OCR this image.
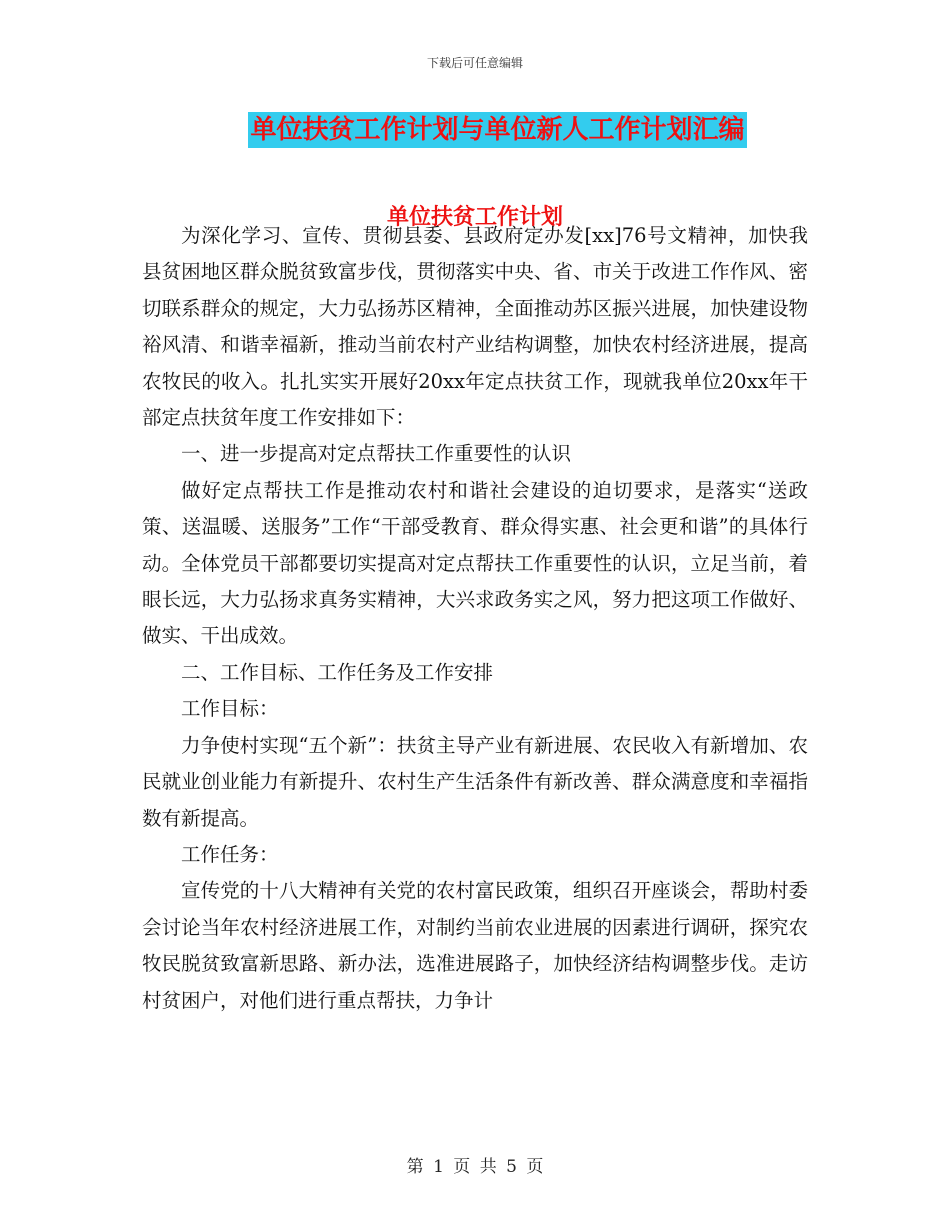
下载后可任意编辑
单位扶贫工作计划与单位新人工作计划汇编
单位扶贫工作计划

为深化学习、宣传、贯彻县委、县政府定办发[xx]76号文精神，加快我县贫困地区群众脱贫致富步伐，贯彻落实中央、省、市关于改进工作作风、密切联系群众的规定，大力弘扬苏区精神，全面推动苏区振兴进展，加快建设物裕风清、和谐幸福新，推动当前农村产业结构调整，加快农村经济进展，提高农牧民的收入。扎扎实实开展好20xx年定点扶贫工作，现就我单位20xx年干部定点扶贫年度工作安排如下：

一、进一步提高对定点帮扶工作重要性的认识

做好定点帮扶工作是推动农村和谐社会建设的迫切要求，是落实“送政策、送温暖、送服务”工作“干部受教育、群众得实惠、社会更和谐”的具体行动。全体党员干部都要切实提高对定点帮扶工作重要性的认识，立足当前，着眼长远，大力弘扬求真务实精神，大兴求政务实之风，努力把这项工作做好、做实、干出成效。

二、工作目标、工作任务及工作安排

工作目标：

力争使村实现“五个新”：扶贫主导产业有新进展、农民收入有新增加、农民就业创业能力有新提升、农村生产生活条件有新改善、群众满意度和幸福指数有新提高。

工作任务：

宣传党的十八大精神有关党的农村富民政策，组织召开座谈会，帮助村委会讨论当年农村经济进展工作，对制约当前农业进展的因素进行调研，探究农牧民脱贫致富新思路、新办法，选准进展路子，加快经济结构调整步伐。走访村贫困户，对他们进行重点帮扶，力争计

第 1 页 共 5 页
